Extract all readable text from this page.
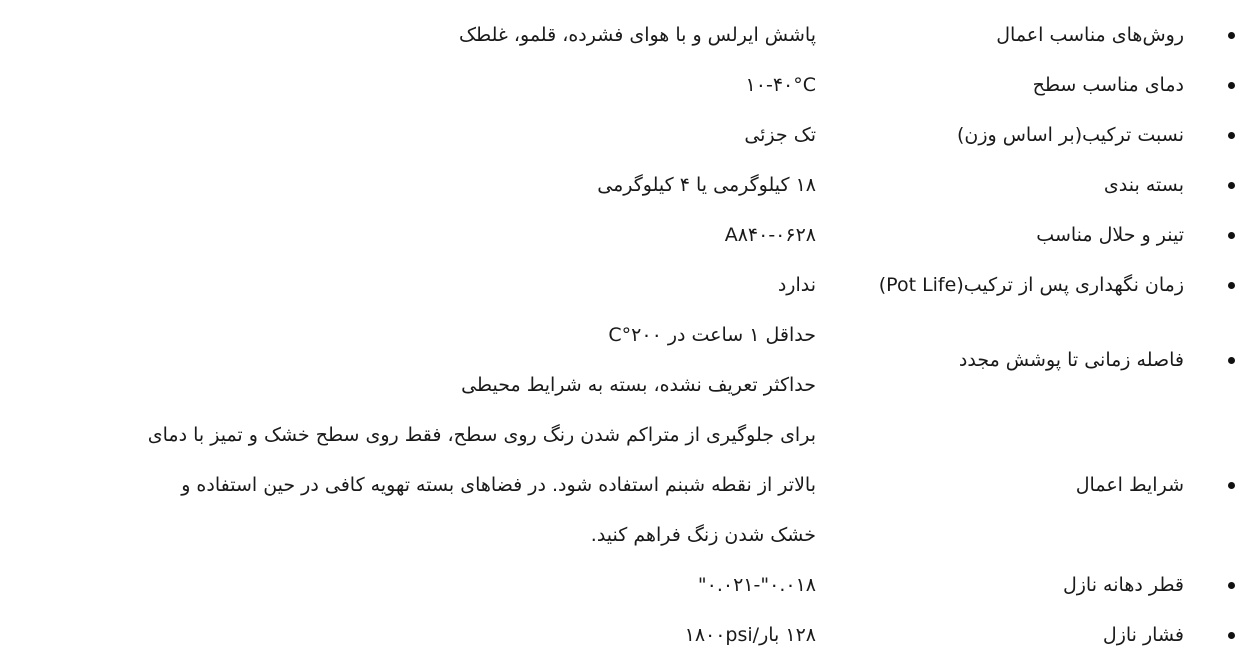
روش‌های مناسب اعمال
پاشش ایرلس و با هوای فشرده، قلمو، غلطک
دمای مناسب سطح
۱۰-۴۰°C
نسبت ترکیب(بر اساس وزن)
تک جزئی
بسته بندی
۱۸ کیلوگرمی یا ۴ کیلوگرمی
تینر و حلال مناسب
A۸۴۰-۰۶۲۸
زمان نگهداری پس از ترکیب(Pot Life)
ندارد
فاصله زمانی تا پوشش مجدد
حداقل ۱ ساعت در ۲۰۰°C
حداکثر تعریف نشده، بسته به شرایط محیطی
شرایط اعمال
برای جلوگیری از متراکم شدن رنگ روی سطح، فقط روی سطح خشک و تمیز با دمای
بالاتر از نقطه شبنم استفاده شود. در فضاهای بسته تهویه کافی در حین استفاده و
خشک شدن زنگ فراهم کنید.
قطر دهانه نازل
۰.۰۱۸"-۰.۰۲۱"
فشار نازل
۱۲۸ بار/۱۸۰۰psi
